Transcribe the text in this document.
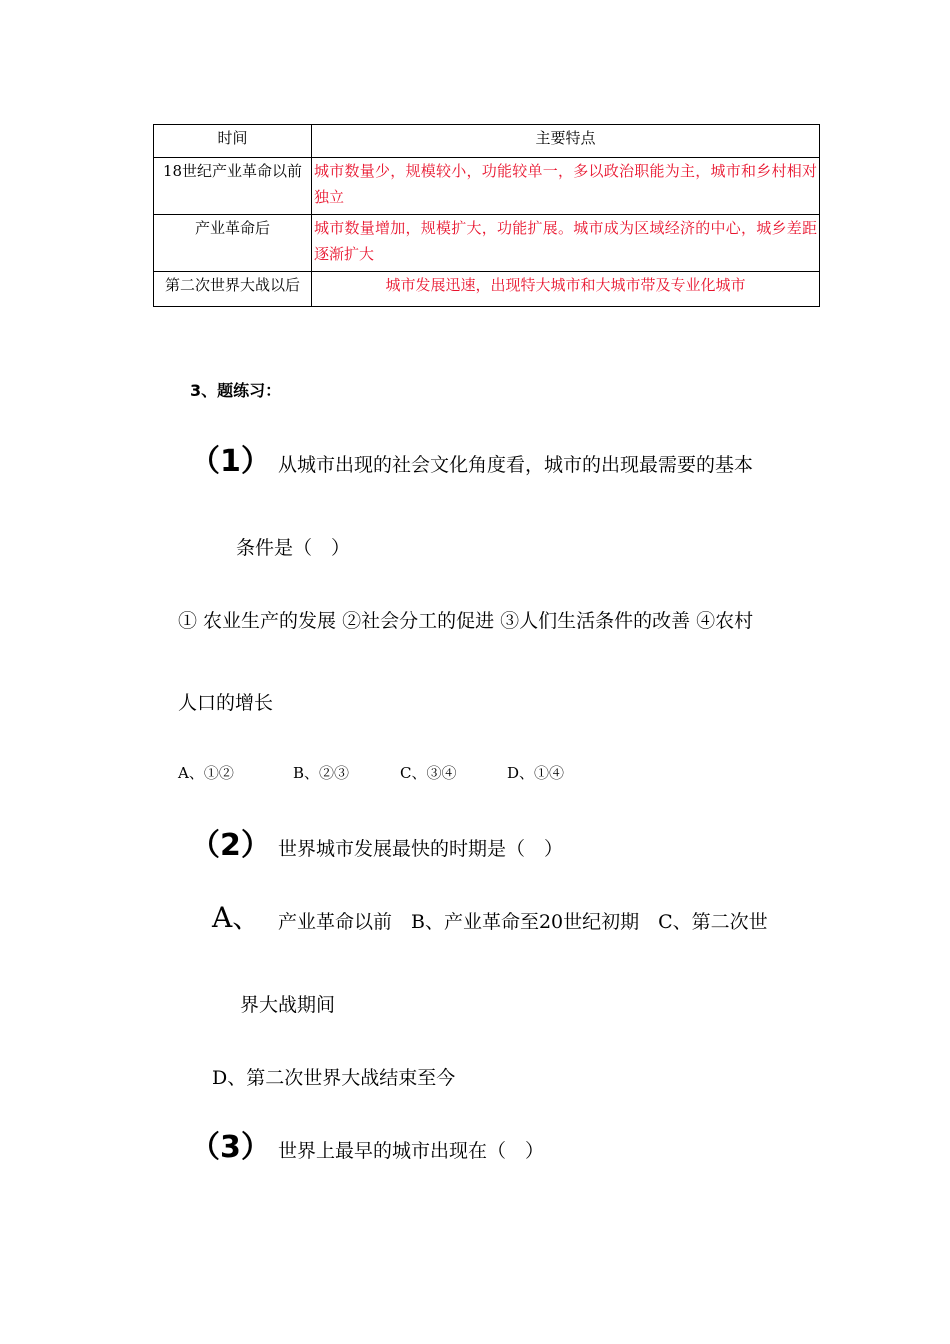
时间	主要特点
18世纪产业革命以前	城市数量少，规模较小，功能较单一，多以政治职能为主，城市和乡村相对独立
产业革命后	城市数量增加，规模扩大，功能扩展。城市成为区域经济的中心，城乡差距逐渐扩大
第二次世界大战以后	城市发展迅速，出现特大城市和大城市带及专业化城市
3、题练习：
（1） 从城市出现的社会文化角度看，城市的出现最需要的基本
条件是（　）
① 农业生产的发展 ②社会分工的促进 ③人们生活条件的改善 ④农村
人口的增长
A、①②	B、②③	C、③④	D、①④
（2） 世界城市发展最快的时期是（　）
A、 产业革命以前　B、产业革命至20世纪初期　C、第二次世
界大战期间
D、第二次世界大战结束至今
（3） 世界上最早的城市出现在（　）
